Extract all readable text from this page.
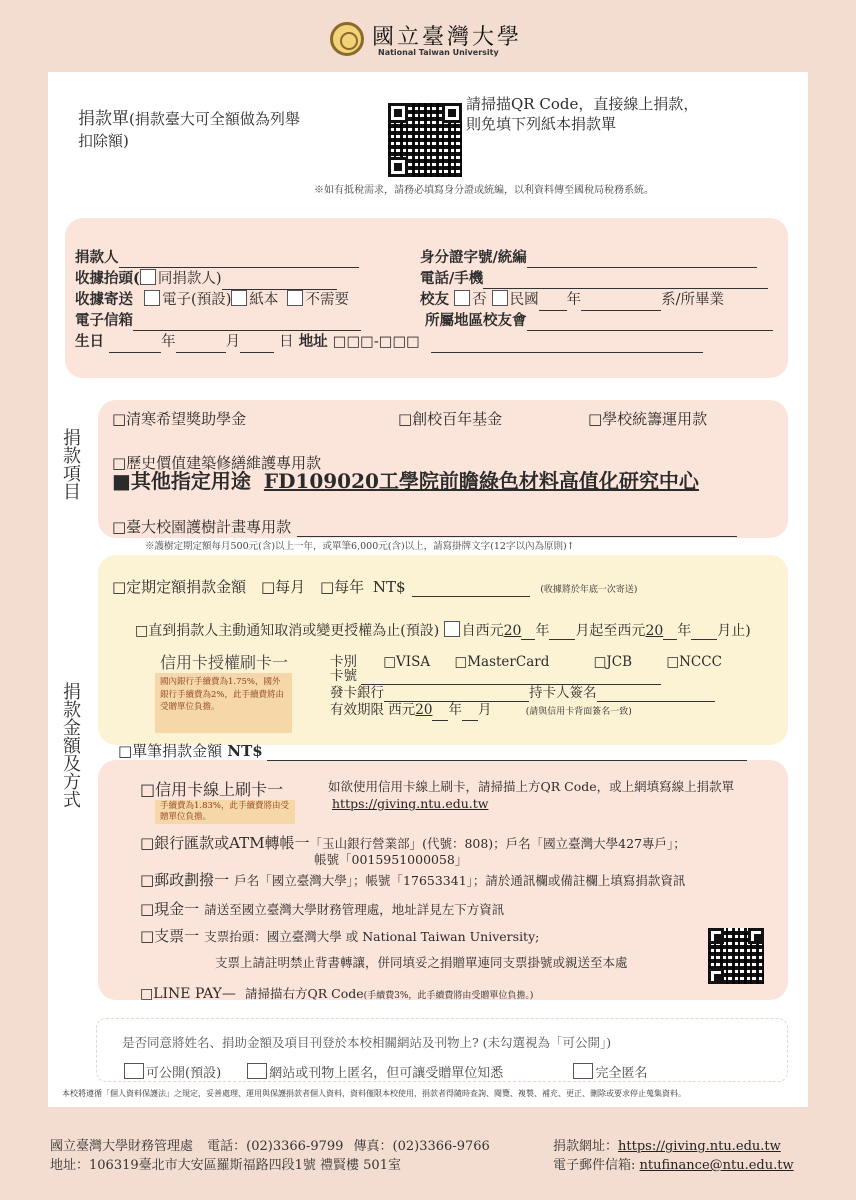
國立臺灣大學
National Taiwan University
捐款單(捐款臺大可全額做為列舉扣除額)
請掃描QR Code，直接線上捐款，
則免填下列紙本捐款單
※如有抵稅需求，請務必填寫身分證或統編，以利資料傳至國稅局稅務系統。
捐款人	身分證字號/統編
收據抬頭( 同捐款人)	電話/手機
收據寄送 電子(預設) 紙本 不需要	校友 否 民國 年	系/所畢業
電子信箱	所屬地區校友會
生日	年	月	日 地址 □□□-□□□
捐款項目
□清寒希望獎助學金	□創校百年基金	□學校統籌運用款
□歷史價值建築修繕維護專用款
■其他指定用途 FD109020工學院前瞻綠色材料高值化研究中心
□臺大校園護樹計畫專用款
※護樹定期定額每月500元(含)以上一年，或單筆6,000元(含)以上，請寫掛牌文字(12字以內為原則)↑
捐款金額及方式
□定期定額捐款金額 □每月 □每年 NT$	(收據將於年底一次寄送)
□直到捐款人主動通知取消或變更授權為止(預設) 自西元20 年 月起至西元20 年 月止)
信用卡授權刷卡一	卡別 □VISA □MasterCard	□JCB	□NCCC
國內銀行手續費為1.75%，國外銀行手續費為2%，此手續費將由受贈單位負擔。
卡號
發卡銀行	持卡人簽名
有效期限 西元20 年 月	(請與信用卡背面簽名一致)
□單筆捐款金額 NT$
□信用卡線上刷卡一	如欲使用信用卡線上刷卡，請掃描上方QR Code，或上網填寫線上捐款單 https://giving.ntu.edu.tw
手續費為1.83%，此手續費將由受贈單位負擔。
□銀行匯款或ATM轉帳一「玉山銀行營業部」(代號：808)；戶名「國立臺灣大學427專戶」；
帳號「0015951000058」
□郵政劃撥一 戶名「國立臺灣大學」；帳號「17653341」；請於通訊欄或備註欄上填寫捐款資訊
□現金一 請送至國立臺灣大學財務管理處，地址詳見左下方資訊
□支票一 支票抬頭：國立臺灣大學 或 National Taiwan University;
支票上請註明禁止背書轉讓，併同填妥之捐贈單連同支票掛號或親送至本處
□LINE PAY— 請掃描右方QR Code(手續費3%，此手續費將由受贈單位負擔。)
是否同意將姓名、捐助金額及項目刊登於本校相關網站及刊物上? (未勾選視為「可公開」)
可公開(預設)	網站或刊物上匿名，但可讓受贈單位知悉	完全匿名
本校將遵循「個人資料保護法」之規定，妥善處理、運用與保護捐款者個人資料，資料僅限本校使用，捐款者得隨時查詢、閱覽、複製、補充、更正、刪除或要求停止蒐集資料。
國立臺灣大學財務管理處 電話：(02)3366-9799 傳真：(02)3366-9766
地址：106319臺北市大安區羅斯福路四段1號 禮賢樓 501室
捐款網址：https://giving.ntu.edu.tw
電子郵件信箱: ntufinance@ntu.edu.tw
